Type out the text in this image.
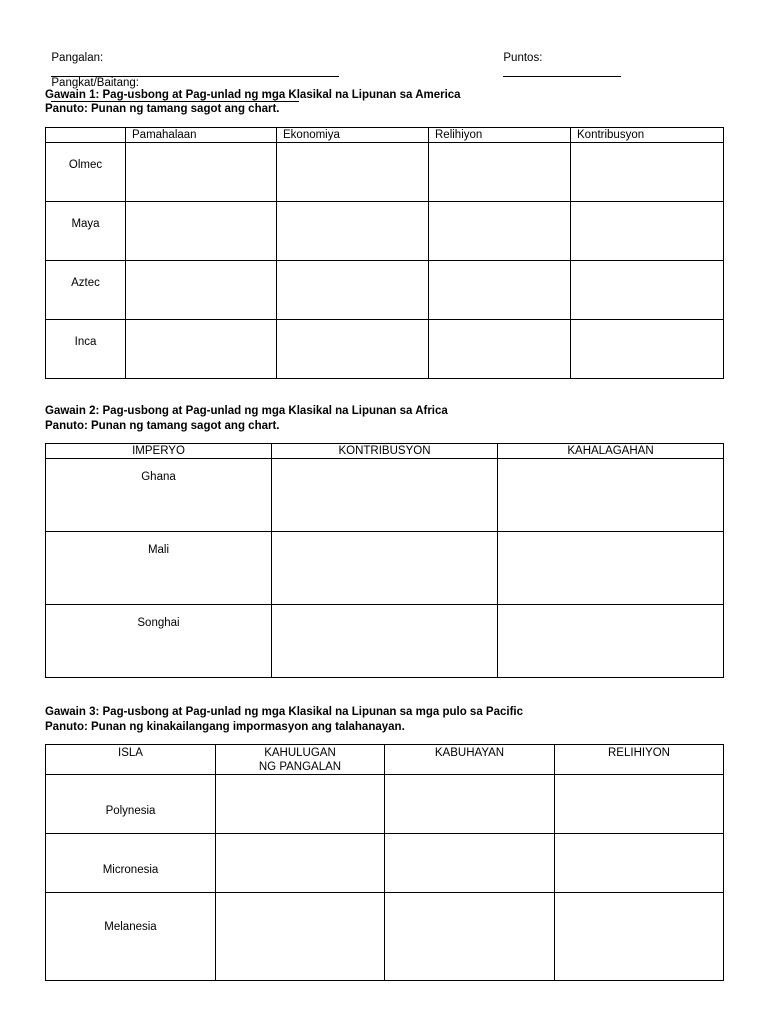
Pangalan:
	Puntos:

Pangkat/Baitang:

Gawain 1: Pag-usbong at Pag-unlad ng mga Klasikal na Lipunan sa America
Panuto: Punan ng tamang sagot ang chart.
	Pamahalaan	Ekonomiya	Relihiyon	Kontribusyon
Olmec				
Maya				
Aztec				
Inca				
Gawain 2: Pag-usbong at Pag-unlad ng mga Klasikal na Lipunan sa Africa
Panuto: Punan ng tamang sagot ang chart.
IMPERYO	KONTRIBUSYON	KAHALAGAHAN
Ghana		
Mali		
Songhai		
Gawain 3: Pag-usbong at Pag-unlad ng mga Klasikal na Lipunan sa mga pulo sa Pacific
Panuto: Punan ng kinakailangang impormasyon ang talahanayan.
ISLA	KAHULUGAN NG PANGALAN	KABUHAYAN	RELIHIYON
Polynesia			
Micronesia			
Melanesia			
